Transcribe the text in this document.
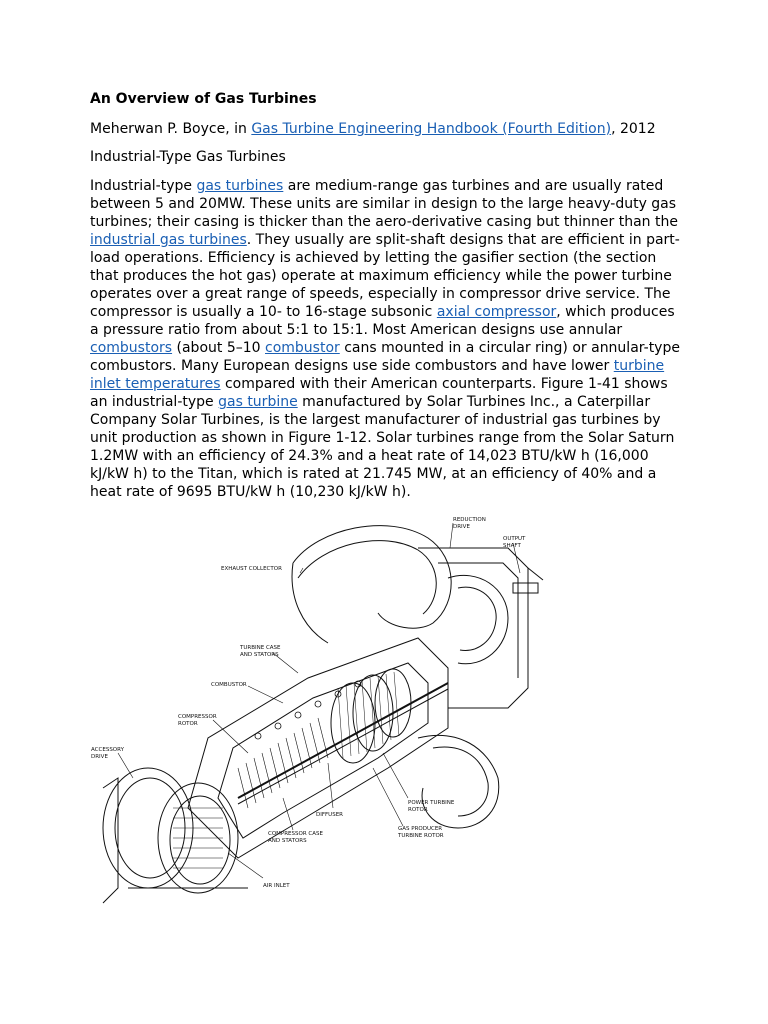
An Overview of Gas Turbines
Meherwan P. Boyce, in Gas Turbine Engineering Handbook (Fourth Edition), 2012
Industrial-Type Gas Turbines

Industrial-type gas turbines are medium-range gas turbines and are usually rated between 5 and 20MW. These units are similar in design to the large heavy-duty gas turbines; their casing is thicker than the aero-derivative casing but thinner than the industrial gas turbines. They usually are split-shaft designs that are efficient in part-load operations. Efficiency is achieved by letting the gasifier section (the section that produces the hot gas) operate at maximum efficiency while the power turbine operates over a great range of speeds, especially in compressor drive service. The compressor is usually a 10- to 16-stage subsonic axial compressor, which produces a pressure ratio from about 5:1 to 15:1. Most American designs use annular combustors (about 5–10 combustor cans mounted in a circular ring) or annular-type combustors. Many European designs use side combustors and have lower turbine inlet temperatures compared with their American counterparts. Figure 1-41 shows an industrial-type gas turbine manufactured by Solar Turbines Inc., a Caterpillar Company Solar Turbines, is the largest manufacturer of industrial gas turbines by unit production as shown in Figure 1-12. Solar turbines range from the Solar Saturn 1.2MW with an efficiency of 24.3% and a heat rate of 14,023 BTU/kW h (16,000 kJ/kW h) to the Titan, which is rated at 21.745 MW, at an efficiency of 40% and a heat rate of 9695 BTU/kW h (10,230 kJ/kW h).

REDUCTION
DRIVE
OUTPUT
SHAFT
EXHAUST COLLECTOR
TURBINE CASE
AND STATORS
COMBUSTOR
COMPRESSOR
ROTOR
ACCESSORY
DRIVE
DIFFUSER
POWER TURBINE
ROTOR
GAS PRODUCER
TURBINE ROTOR
COMPRESSOR CASE
AND STATORS
AIR INLET
